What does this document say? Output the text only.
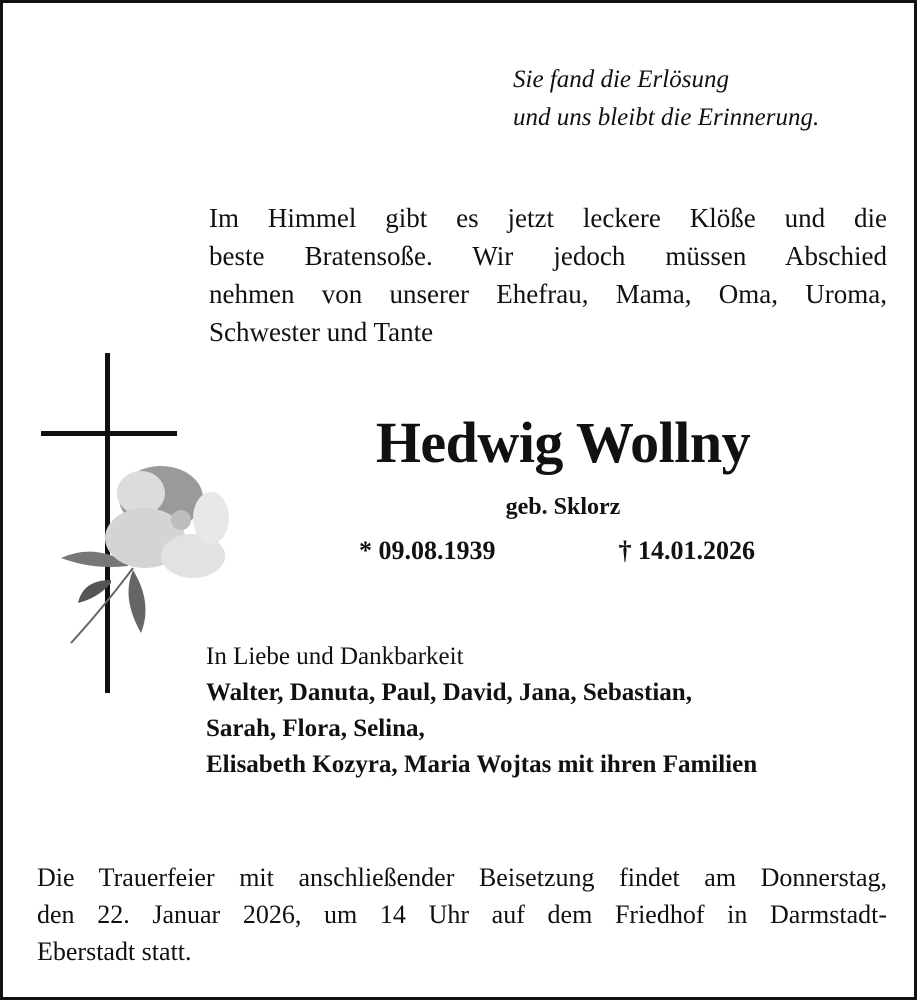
Sie fand die Erlösung
und uns bleibt die Erinnerung.
Im Himmel gibt es jetzt leckere Klöße und die
beste Bratensoße. Wir jedoch müssen Abschied
nehmen von unserer Ehefrau, Mama, Oma, Uroma,
Schwester und Tante
Hedwig Wollny
geb. Sklorz
* 09.08.1939	† 14.01.2026
In Liebe und Dankbarkeit
Walter, Danuta, Paul, David, Jana, Sebastian,
Sarah, Flora, Selina,
Elisabeth Kozyra, Maria Wojtas mit ihren Familien
Die Trauerfeier mit anschließender Beisetzung findet am Donnerstag,
den 22. Januar 2026, um 14 Uhr auf dem Friedhof in Darmstadt-
Eberstadt statt.
